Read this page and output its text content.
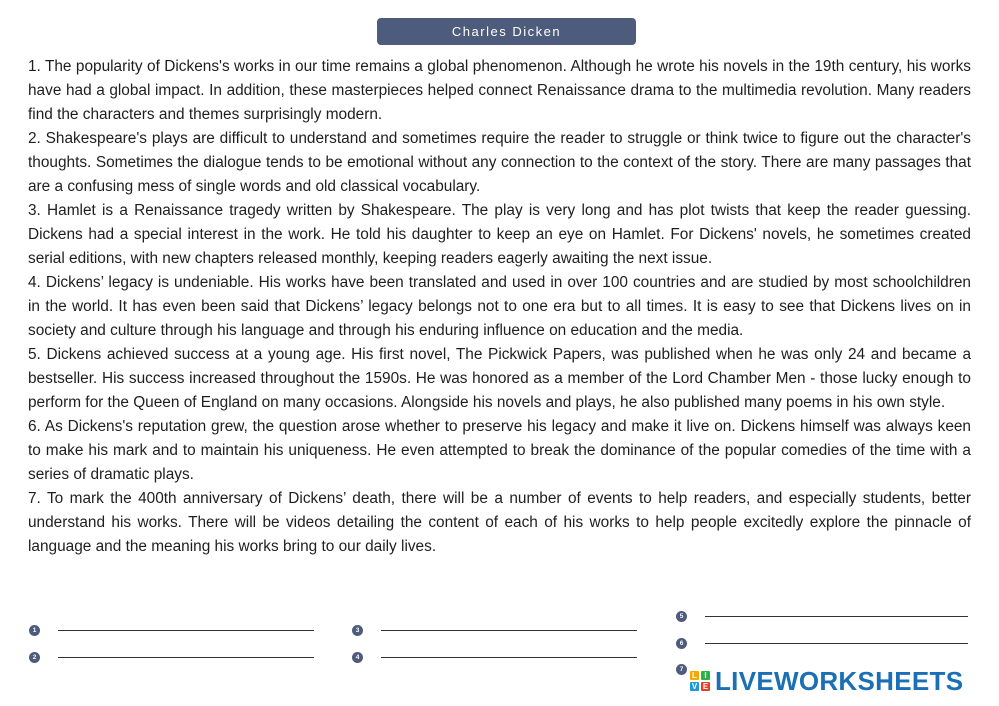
Charles Dicken

1. The popularity of Dickens's works in our time remains a global phenomenon. Although he wrote his novels in the 19th century, his works have had a global impact. In addition, these masterpieces helped connect Renaissance drama to the multimedia revolution. Many readers find the characters and themes surprisingly modern.

2. Shakespeare's plays are difficult to understand and sometimes require the reader to struggle or think twice to figure out the character's thoughts. Sometimes the dialogue tends to be emotional without any connection to the context of the story. There are many passages that are a confusing mess of single words and old classical vocabulary.

3. Hamlet is a Renaissance tragedy written by Shakespeare. The play is very long and has plot twists that keep the reader guessing. Dickens had a special interest in the work. He told his daughter to keep an eye on Hamlet. For Dickens' novels, he sometimes created serial editions, with new chapters released monthly, keeping readers eagerly awaiting the next issue.

4. Dickens’ legacy is undeniable. His works have been translated and used in over 100 countries and are studied by most schoolchildren in the world. It has even been said that Dickens’ legacy belongs not to one era but to all times. It is easy to see that Dickens lives on in society and culture through his language and through his enduring influence on education and the media.

5. Dickens achieved success at a young age. His first novel, The Pickwick Papers, was published when he was only 24 and became a bestseller. His success increased throughout the 1590s. He was honored as a member of the Lord Chamber Men - those lucky enough to perform for the Queen of England on many occasions. Alongside his novels and plays, he also published many poems in his own style.

6. As Dickens's reputation grew, the question arose whether to preserve his legacy and make it live on. Dickens himself was always keen to make his mark and to maintain his uniqueness. He even attempted to break the dominance of the popular comedies of the time with a series of dramatic plays.

7. To mark the 400th anniversary of Dickens’ death, there will be a number of events to help readers, and especially students, better understand his works. There will be videos detailing the content of each of his works to help people excitedly explore the pinnacle of language and the meaning his works bring to our daily lives.

1
2
3
4
5
6
7
L I
V E LIVEWORKSHEETS
